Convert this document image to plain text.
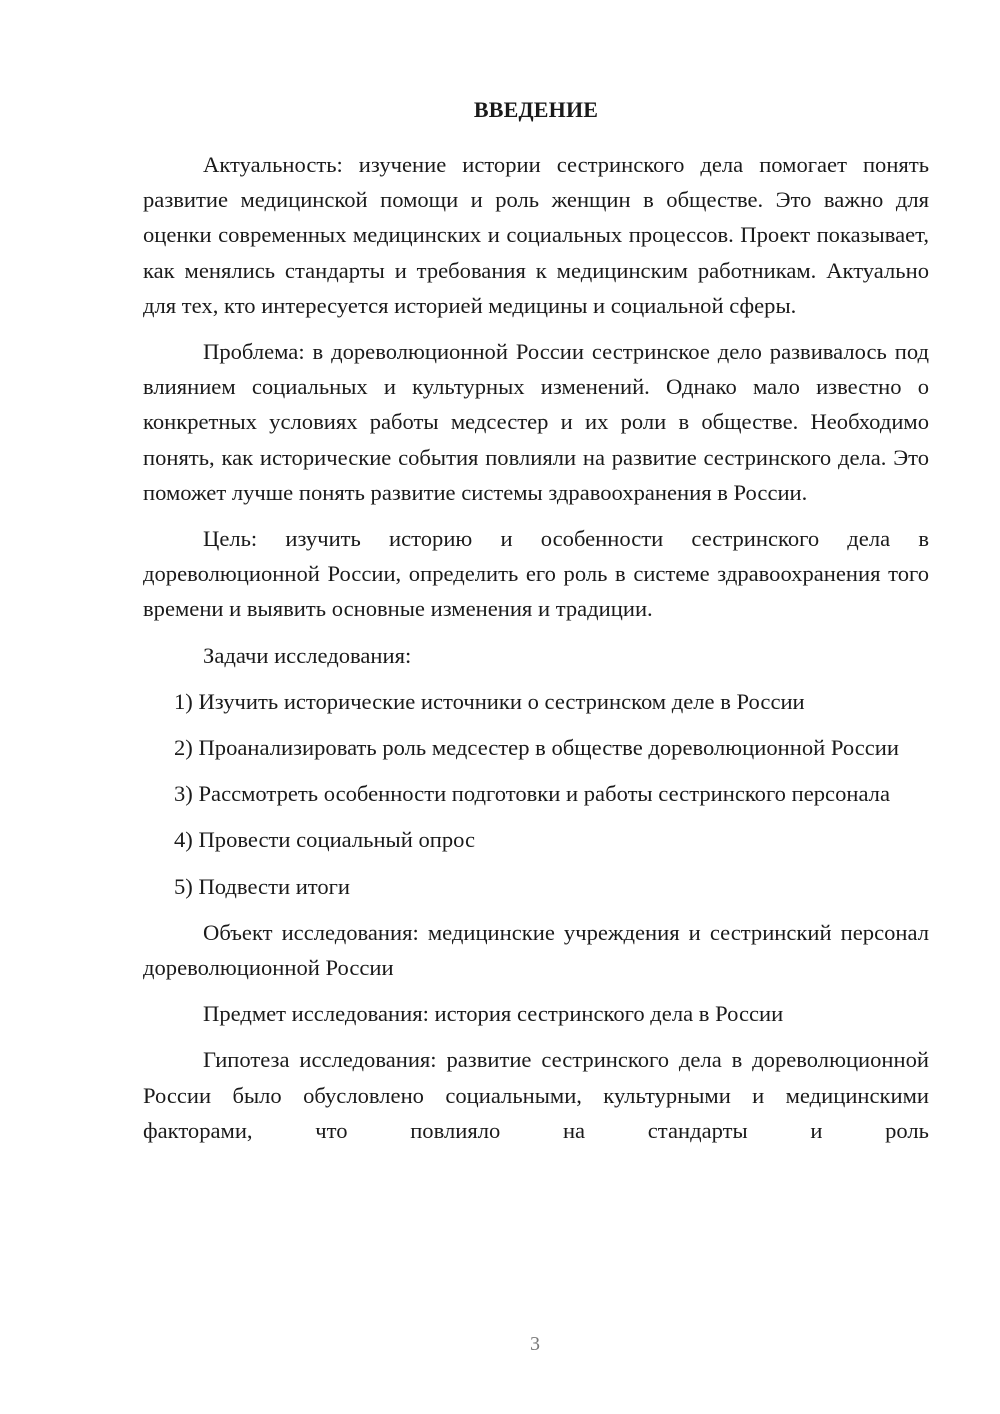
ВВЕДЕНИЕ

Актуальность: изучение истории сестринского дела помогает понять развитие медицинской помощи и роль женщин в обществе. Это важно для оценки современных медицинских и социальных процессов. Проект показывает, как менялись стандарты и требования к медицинским работникам. Актуально для тех, кто интересуется историей медицины и социальной сферы.

Проблема: в дореволюционной России сестринское дело развивалось под влиянием социальных и культурных изменений. Однако мало известно о конкретных условиях работы медсестер и их роли в обществе. Необходимо понять, как исторические события повлияли на развитие сестринского дела. Это поможет лучше понять развитие системы здравоохранения в России.

Цель: изучить историю и особенности сестринского дела в дореволюционной России, определить его роль в системе здравоохранения того времени и выявить основные изменения и традиции.

Задачи исследования:

1) Изучить исторические источники о сестринском деле в России

2) Проанализировать роль медсестер в обществе дореволюционной России

3) Рассмотреть особенности подготовки и работы сестринского персонала

4) Провести социальный опрос

5) Подвести итоги

Объект исследования: медицинские учреждения и сестринский персонал дореволюционной России

Предмет исследования: история сестринского дела в России

Гипотеза исследования: развитие сестринского дела в дореволюционной России было обусловлено социальными, культурными и медицинскими факторами, что повлияло на стандарты и роль

3
